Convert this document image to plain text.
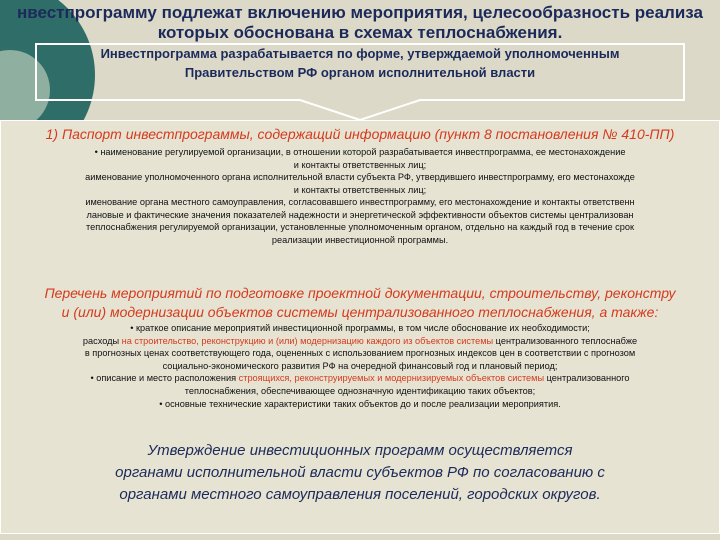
нвестпрограмму подлежат включению мероприятия, целесообразность реализа
которых обоснована в схемах теплоснабжения.
Инвестпрограмма разрабатывается по форме, утверждаемой уполномоченным
Правительством РФ органом исполнительной власти
1) Паспорт инвестпрограммы, содержащий информацию (пункт 8 постановления № 410-ПП)

• наименование регулируемой организации, в отношении которой разрабатывается инвестпрограмма, ее местонахождение

и контакты ответственных лиц;

аименование уполномоченного органа исполнительной власти субъекта РФ, утвердившего инвестпрограмму, его местонахожде

и контакты ответственных лиц;

именование органа местного самоуправления, согласовавшего инвестпрограмму, его местонахождение и контакты ответственн

лановые и фактические значения показателей надежности и энергетической эффективности объектов системы централизован

теплоснабжения регулируемой организации, установленные уполномоченным органом, отдельно на каждый год в течение срок

реализации инвестиционной программы.

Перечень мероприятий по подготовке проектной документации, строительству, реконстру

и (или) модернизации объектов системы централизованного теплоснабжения, а также:

• краткое описание мероприятий инвестиционной программы, в том числе обоснование их необходимости;

расходы на строительство, реконструкцию и (или) модернизацию каждого из объектов системы централизованного теплоснабже

в прогнозных ценах соответствующего года, оцененных с использованием прогнозных индексов цен в соответствии с прогнозом

социально-экономического развития РФ на очередной финансовый год и плановый период;

• описание и место расположения строящихся, реконструируемых и модернизируемых объектов системы централизованного

теплоснабжения, обеспечивающее однозначную идентификацию таких объектов;

• основные технические характеристики таких объектов до и после реализации мероприятия.

Утверждение инвестиционных программ осуществляется

органами исполнительной власти субъектов РФ по согласованию с

органами местного самоуправления поселений, городских округов.
